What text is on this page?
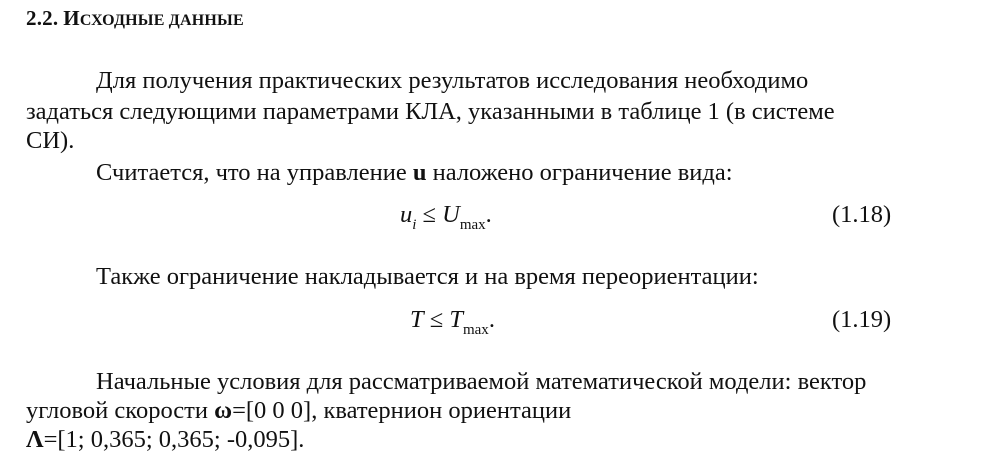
2.2. ИСХОДНЫЕ ДАННЫЕ
Для получения практических результатов исследования необходимо
задаться следующими параметрами КЛА, указанными в таблице 1 (в системе
СИ).
Считается, что на управление u наложено ограничение вида:
$u_i \le U_{max}$.	(1.18)
Также ограничение накладывается и на время переориентации:
$T \le T_{max}$.	(1.19)
Начальные условия для рассматриваемой математической модели: вектор
угловой скорости ω=[0 0 0], кватернион ориентации
Λ=[1; 0,365; 0,365; -0,095].
